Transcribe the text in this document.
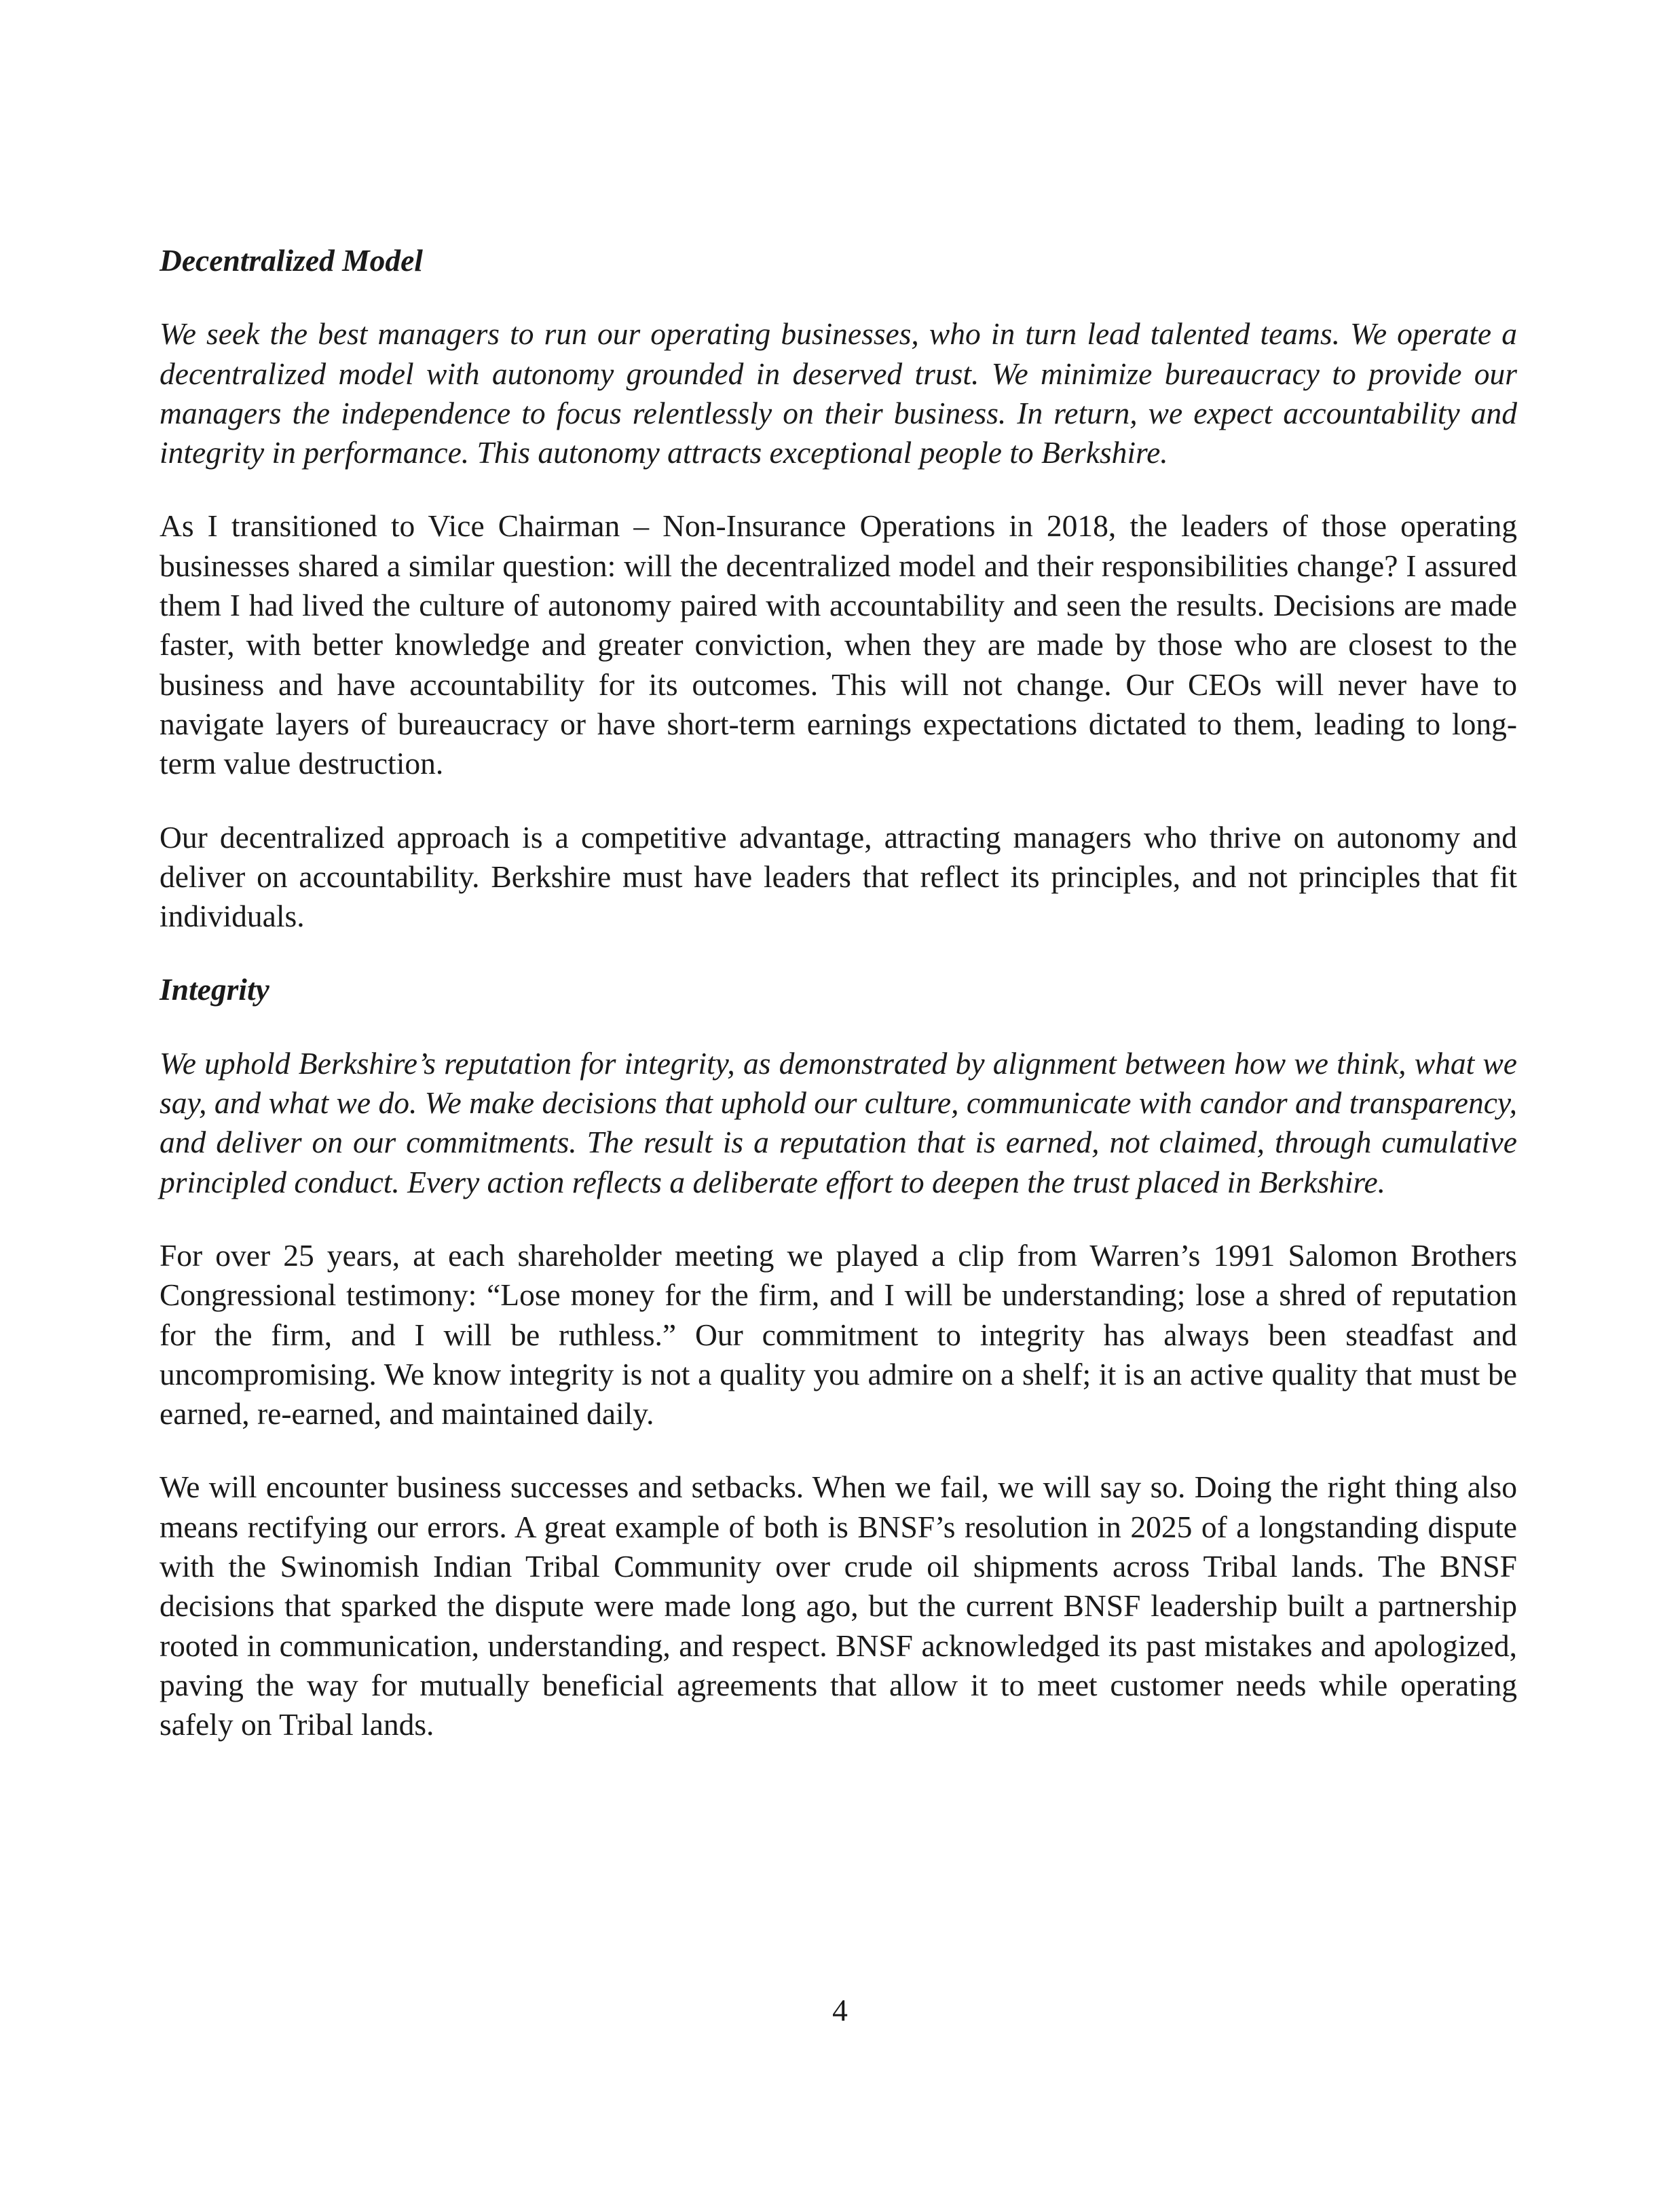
Decentralized Model

We seek the best managers to run our operating businesses, who in turn lead talented teams. We operate a decentralized model with autonomy grounded in deserved trust. We minimize bureaucracy to provide our managers the independence to focus relentlessly on their business. In return, we expect accountability and integrity in performance. This autonomy attracts exceptional people to Berkshire.

As I transitioned to Vice Chairman – Non-Insurance Operations in 2018, the leaders of those operating businesses shared a similar question: will the decentralized model and their responsibilities change? I assured them I had lived the culture of autonomy paired with accountability and seen the results. Decisions are made faster, with better knowledge and greater conviction, when they are made by those who are closest to the business and have accountability for its outcomes. This will not change. Our CEOs will never have to navigate layers of bureaucracy or have short-term earnings expectations dictated to them, leading to long-term value destruction.

Our decentralized approach is a competitive advantage, attracting managers who thrive on autonomy and deliver on accountability. Berkshire must have leaders that reflect its principles, and not principles that fit individuals.

Integrity

We uphold Berkshire’s reputation for integrity, as demonstrated by alignment between how we think, what we say, and what we do. We make decisions that uphold our culture, communicate with candor and transparency, and deliver on our commitments. The result is a reputation that is earned, not claimed, through cumulative principled conduct. Every action reflects a deliberate effort to deepen the trust placed in Berkshire.

For over 25 years, at each shareholder meeting we played a clip from Warren’s 1991 Salomon Brothers Congressional testimony: “Lose money for the firm, and I will be understanding; lose a shred of reputation for the firm, and I will be ruthless.” Our commitment to integrity has always been steadfast and uncompromising. We know integrity is not a quality you admire on a shelf; it is an active quality that must be earned, re-earned, and maintained daily.

We will encounter business successes and setbacks. When we fail, we will say so. Doing the right thing also means rectifying our errors. A great example of both is BNSF’s resolution in 2025 of a longstanding dispute with the Swinomish Indian Tribal Community over crude oil shipments across Tribal lands. The BNSF decisions that sparked the dispute were made long ago, but the current BNSF leadership built a partnership rooted in communication, understanding, and respect. BNSF acknowledged its past mistakes and apologized, paving the way for mutually beneficial agreements that allow it to meet customer needs while operating safely on Tribal lands.

4
